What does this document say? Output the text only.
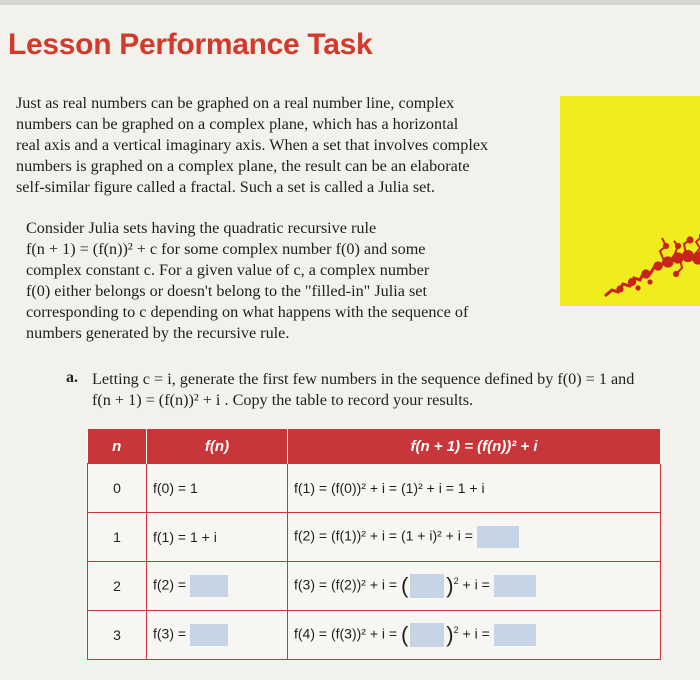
Lesson Performance Task

Just as real numbers can be graphed on a real number line, complex
numbers can be graphed on a complex plane, which has a horizontal
real axis and a vertical imaginary axis. When a set that involves complex
numbers is graphed on a complex plane, the result can be an elaborate
self-similar figure called a fractal. Such a set is called a Julia set.

Consider Julia sets having the quadratic recursive rule
f(n + 1) = (f(n))² + c for some complex number f(0) and some
complex constant c. For a given value of c, a complex number
f(0) either belongs or doesn't belong to the "filled-in" Julia set
corresponding to c depending on what happens with the sequence of
numbers generated by the recursive rule.

a. Letting c = i, generate the first few numbers in the sequence defined by f(0) = 1 and
f(n + 1) = (f(n))² + i . Copy the table to record your results.
n	f(n)	f(n + 1) = (f(n))² + i
0	f(0) = 1	f(1) = (f(0))² + i = (1)² + i = 1 + i
1	f(1) = 1 + i	f(2) = (f(1))² + i = (1 + i)² + i =
2	f(2) =	f(3) = (f(2))² + i = ( )$^2$ + i =
3	f(3) =	f(4) = (f(3))² + i = ( )$^2$ + i =
